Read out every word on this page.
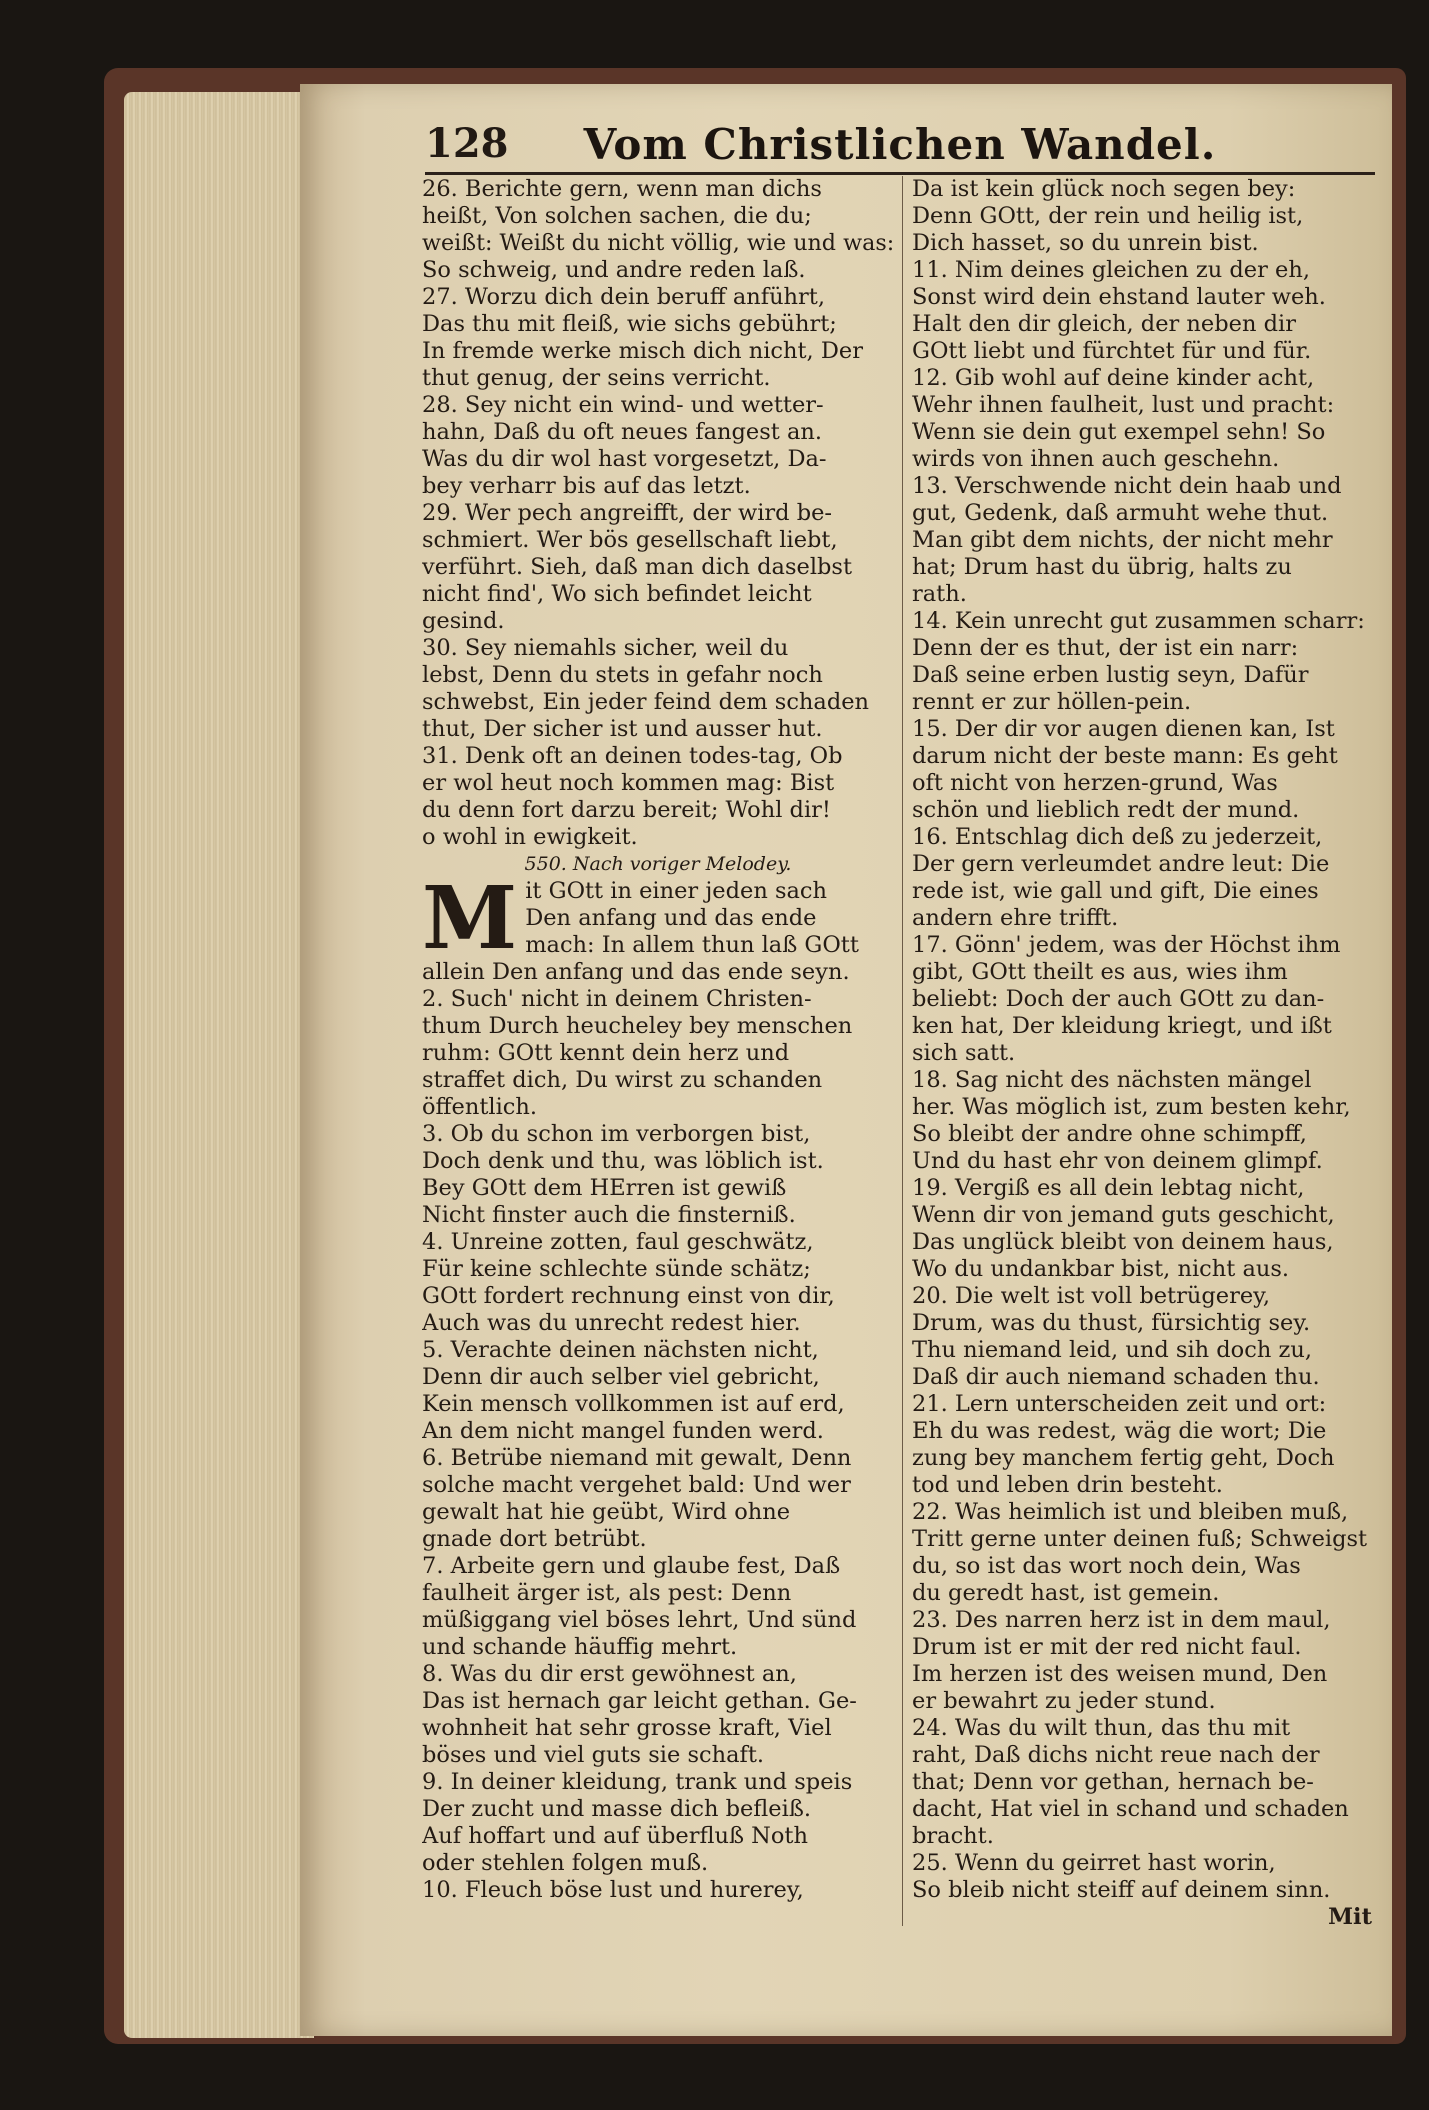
128	Vom Christlichen Wandel.
26. Berichte gern, wenn man dichs
heißt, Von solchen sachen, die du;
weißt: Weißt du nicht völlig, wie und was:
So schweig, und andre reden laß.
27. Worzu dich dein beruff anführt,
Das thu mit fleiß, wie sichs gebührt;
In fremde werke misch dich nicht, Der
thut genug, der seins verricht.
28. Sey nicht ein wind- und wetter-
hahn, Daß du oft neues fangest an.
Was du dir wol hast vorgesetzt, Da-
bey verharr bis auf das letzt.
29. Wer pech angreifft, der wird be-
schmiert. Wer bös gesellschaft liebt,
verführt. Sieh, daß man dich daselbst
nicht find', Wo sich befindet leicht
gesind.
30. Sey niemahls sicher, weil du
lebst, Denn du stets in gefahr noch
schwebst, Ein jeder feind dem schaden
thut, Der sicher ist und ausser hut.
31. Denk oft an deinen todes-tag, Ob
er wol heut noch kommen mag: Bist
du denn fort darzu bereit; Wohl dir!
o wohl in ewigkeit.
550. Nach voriger Melodey.
M it GOtt in einer jeden sach
Den anfang und das ende
mach: In allem thun laß GOtt
allein Den anfang und das ende seyn.
2. Such' nicht in deinem Christen-
thum Durch heucheley bey menschen
ruhm: GOtt kennt dein herz und
straffet dich, Du wirst zu schanden
öffentlich.
3. Ob du schon im verborgen bist,
Doch denk und thu, was löblich ist.
Bey GOtt dem HErren ist gewiß
Nicht finster auch die finsterniß.
4. Unreine zotten, faul geschwätz,
Für keine schlechte sünde schätz;
GOtt fordert rechnung einst von dir,
Auch was du unrecht redest hier.
5. Verachte deinen nächsten nicht,
Denn dir auch selber viel gebricht,
Kein mensch vollkommen ist auf erd,
An dem nicht mangel funden werd.
6. Betrübe niemand mit gewalt, Denn
solche macht vergehet bald: Und wer
gewalt hat hie geübt, Wird ohne
gnade dort betrübt.
7. Arbeite gern und glaube fest, Daß
faulheit ärger ist, als pest: Denn
müßiggang viel böses lehrt, Und sünd
und schande häuffig mehrt.
8. Was du dir erst gewöhnest an,
Das ist hernach gar leicht gethan. Ge-
wohnheit hat sehr grosse kraft, Viel
böses und viel guts sie schaft.
9. In deiner kleidung, trank und speis
Der zucht und masse dich befleiß.
Auf hoffart und auf überfluß Noth
oder stehlen folgen muß.
10. Fleuch böse lust und hurerey,
Da ist kein glück noch segen bey:
Denn GOtt, der rein und heilig ist,
Dich hasset, so du unrein bist.
11. Nim deines gleichen zu der eh,
Sonst wird dein ehstand lauter weh.
Halt den dir gleich, der neben dir
GOtt liebt und fürchtet für und für.
12. Gib wohl auf deine kinder acht,
Wehr ihnen faulheit, lust und pracht:
Wenn sie dein gut exempel sehn! So
wirds von ihnen auch geschehn.
13. Verschwende nicht dein haab und
gut, Gedenk, daß armuht wehe thut.
Man gibt dem nichts, der nicht mehr
hat; Drum hast du übrig, halts zu
rath.
14. Kein unrecht gut zusammen scharr:
Denn der es thut, der ist ein narr:
Daß seine erben lustig seyn, Dafür
rennt er zur höllen-pein.
15. Der dir vor augen dienen kan, Ist
darum nicht der beste mann: Es geht
oft nicht von herzen-grund, Was
schön und lieblich redt der mund.
16. Entschlag dich deß zu jederzeit,
Der gern verleumdet andre leut: Die
rede ist, wie gall und gift, Die eines
andern ehre trifft.
17. Gönn' jedem, was der Höchst ihm
gibt, GOtt theilt es aus, wies ihm
beliebt: Doch der auch GOtt zu dan-
ken hat, Der kleidung kriegt, und ißt
sich satt.
18. Sag nicht des nächsten mängel
her. Was möglich ist, zum besten kehr,
So bleibt der andre ohne schimpff,
Und du hast ehr von deinem glimpf.
19. Vergiß es all dein lebtag nicht,
Wenn dir von jemand guts geschicht,
Das unglück bleibt von deinem haus,
Wo du undankbar bist, nicht aus.
20. Die welt ist voll betrügerey,
Drum, was du thust, fürsichtig sey.
Thu niemand leid, und sih doch zu,
Daß dir auch niemand schaden thu.
21. Lern unterscheiden zeit und ort:
Eh du was redest, wäg die wort; Die
zung bey manchem fertig geht, Doch
tod und leben drin besteht.
22. Was heimlich ist und bleiben muß,
Tritt gerne unter deinen fuß; Schweigst
du, so ist das wort noch dein, Was
du geredt hast, ist gemein.
23. Des narren herz ist in dem maul,
Drum ist er mit der red nicht faul.
Im herzen ist des weisen mund, Den
er bewahrt zu jeder stund.
24. Was du wilt thun, das thu mit
raht, Daß dichs nicht reue nach der
that; Denn vor gethan, hernach be-
dacht, Hat viel in schand und schaden
bracht.
25. Wenn du geirret hast worin,
So bleib nicht steiff auf deinem sinn.
Mit
